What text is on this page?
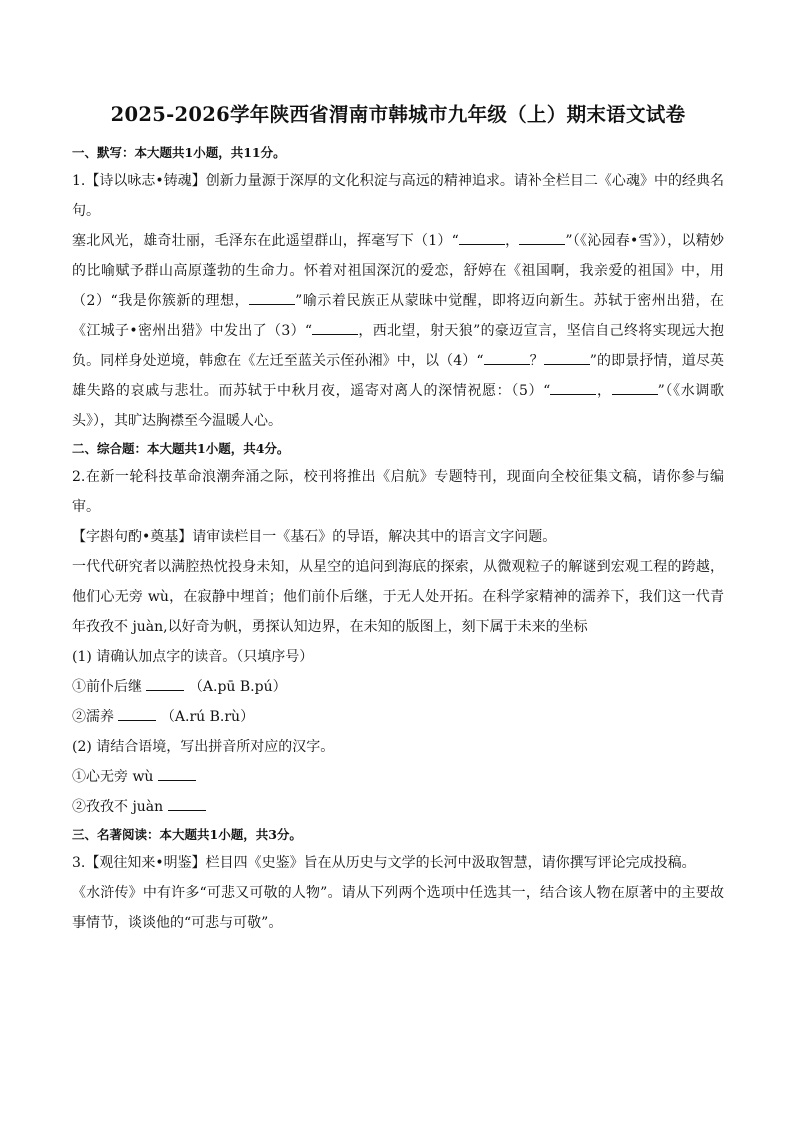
2025-2026学年陕西省渭南市韩城市九年级（上）期末语文试卷

一、默写：本大题共1小题，共11分。

1.【诗以咏志•铸魂】创新力量源于深厚的文化积淀与高远的精神追求。请补全栏目二《心魂》中的经典名句。

塞北风光，雄奇壮丽，毛泽东在此遥望群山，挥毫写下（1）“	，	”（《沁园春•雪》），以精妙的比喻赋予群山高原蓬勃的生命力。怀着对祖国深沉的爱恋，舒婷在《祖国啊，我亲爱的祖国》中，用（2）“我是你簇新的理想，	”喻示着民族正从蒙昧中觉醒，即将迈向新生。苏轼于密州出猎，在《江城子•密州出猎》中发出了（3）“	，西北望，射天狼”的豪迈宣言，坚信自己终将实现远大抱负。同样身处逆境，韩愈在《左迁至蓝关示侄孙湘》中，以（4）“	？	”的即景抒情，道尽英雄失路的哀戚与悲壮。而苏轼于中秋月夜，遥寄对离人的深情祝愿：（5）“	，	”（《水调歌头》），其旷达胸襟至今温暖人心。

二、综合题：本大题共1小题，共4分。

2.在新一轮科技革命浪潮奔涌之际，校刊将推出《启航》专题特刊，现面向全校征集文稿，请你参与编审。

【字斟句酌•奠基】请审读栏目一《基石》的导语，解决其中的语言文字问题。

一代代研究者以满腔热忱投身未知，从星空的追问到海底的探索，从微观粒子的解谜到宏观工程的跨越，他们心无旁 wù，在寂静中埋首；他们前仆后继，于无人处开拓。在科学家精神的濡养下，我们这一代青年孜孜不 juàn,以好奇为帆，勇探认知边界，在未知的版图上，刻下属于未来的坐标

(1) 请确认加点字的读音。（只填序号）

①前仆后继	（A.pū B.pú）

②濡养	（A.rú B.rù）

(2) 请结合语境，写出拼音所对应的汉字。

①心无旁 wù

②孜孜不 juàn

三、名著阅读：本大题共1小题，共3分。

3.【观往知来•明鉴】栏目四《史鉴》旨在从历史与文学的长河中汲取智慧，请你撰写评论完成投稿。

《水浒传》中有许多“可悲又可敬的人物”。请从下列两个选项中任选其一，结合该人物在原著中的主要故事情节，谈谈他的“可悲与可敬”。
